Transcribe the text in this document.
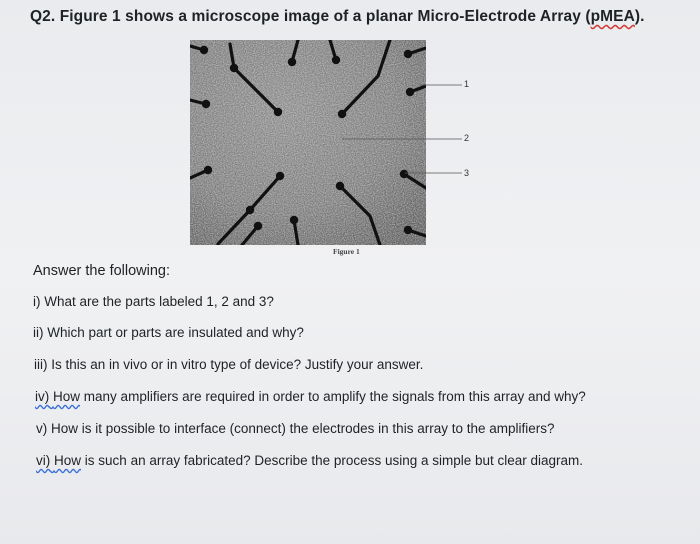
Q2. Figure 1 shows a microscope image of a planar Micro-Electrode Array (pMEA).
1
2
3
Figure 1
Answer the following:
i) What are the parts labeled 1, 2 and 3?
ii) Which part or parts are insulated and why?
iii) Is this an in vivo or in vitro type of device? Justify your answer.
iv) How many amplifiers are required in order to amplify the signals from this array and why?
v) How is it possible to interface (connect) the electrodes in this array to the amplifiers?
vi) How is such an array fabricated? Describe the process using a simple but clear diagram.
